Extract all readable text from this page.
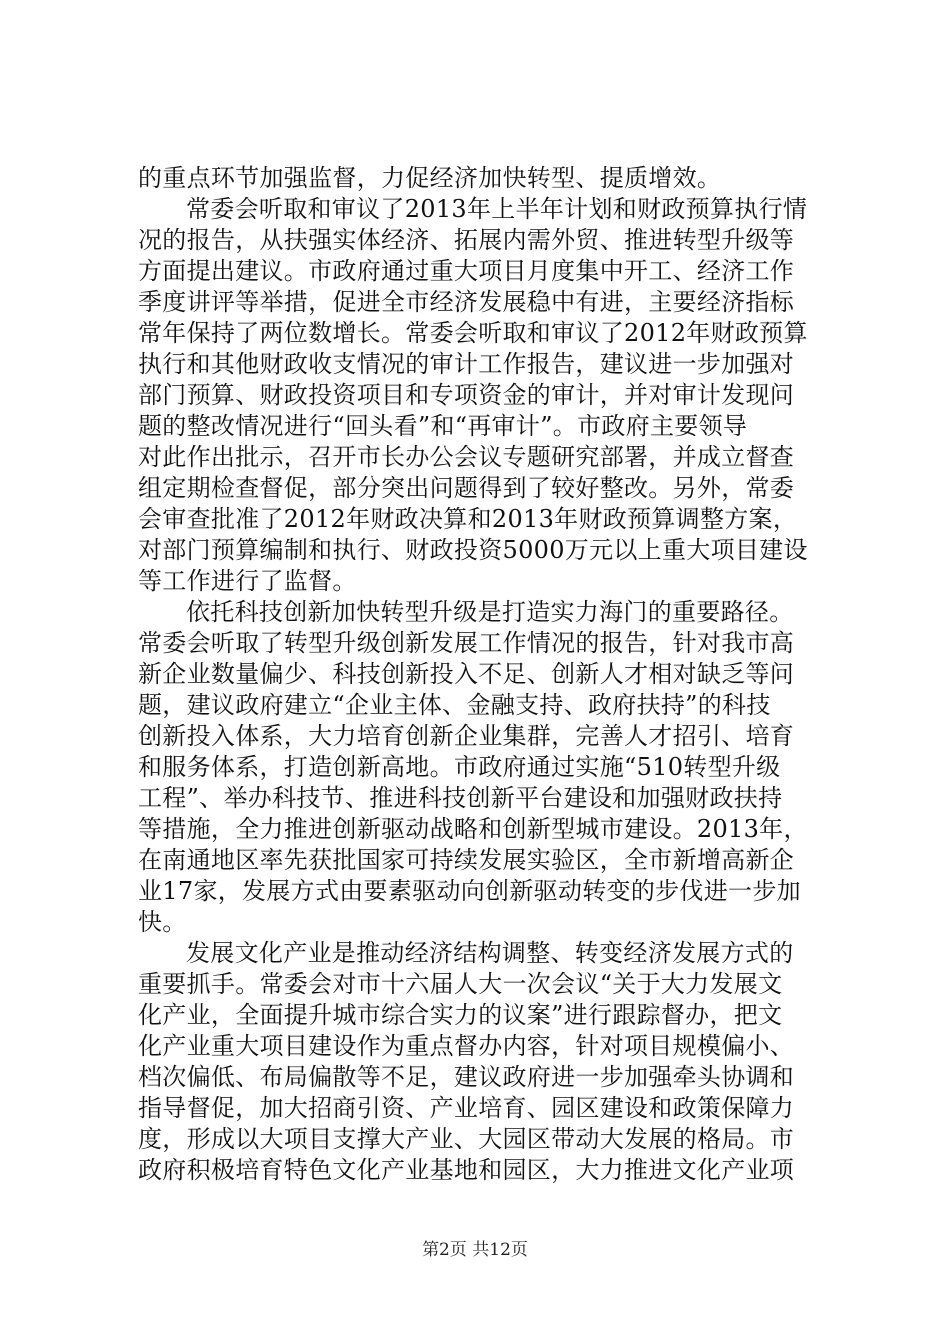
的重点环节加强监督，力促经济加快转型、提质增效。
常委会听取和审议了2013年上半年计划和财政预算执行情
况的报告，从扶强实体经济、拓展内需外贸、推进转型升级等
方面提出建议。市政府通过重大项目月度集中开工、经济工作
季度讲评等举措，促进全市经济发展稳中有进，主要经济指标
常年保持了两位数增长。常委会听取和审议了2012年财政预算
执行和其他财政收支情况的审计工作报告，建议进一步加强对
部门预算、财政投资项目和专项资金的审计，并对审计发现问
题的整改情况进行“回头看”和“再审计”。市政府主要领导
对此作出批示，召开市长办公会议专题研究部署，并成立督查
组定期检查督促，部分突出问题得到了较好整改。另外，常委
会审查批准了2012年财政决算和2013年财政预算调整方案，
对部门预算编制和执行、财政投资5000万元以上重大项目建设
等工作进行了监督。
依托科技创新加快转型升级是打造实力海门的重要路径。
常委会听取了转型升级创新发展工作情况的报告，针对我市高
新企业数量偏少、科技创新投入不足、创新人才相对缺乏等问
题，建议政府建立“企业主体、金融支持、政府扶持”的科技
创新投入体系，大力培育创新企业集群，完善人才招引、培育
和服务体系，打造创新高地。市政府通过实施“510转型升级
工程”、举办科技节、推进科技创新平台建设和加强财政扶持
等措施，全力推进创新驱动战略和创新型城市建设。2013年，
在南通地区率先获批国家可持续发展实验区，全市新增高新企
业17家，发展方式由要素驱动向创新驱动转变的步伐进一步加
快。
发展文化产业是推动经济结构调整、转变经济发展方式的
重要抓手。常委会对市十六届人大一次会议“关于大力发展文
化产业，全面提升城市综合实力的议案”进行跟踪督办，把文
化产业重大项目建设作为重点督办内容，针对项目规模偏小、
档次偏低、布局偏散等不足，建议政府进一步加强牵头协调和
指导督促，加大招商引资、产业培育、园区建设和政策保障力
度，形成以大项目支撑大产业、大园区带动大发展的格局。市
政府积极培育特色文化产业基地和园区，大力推进文化产业项
第2页 共12页
